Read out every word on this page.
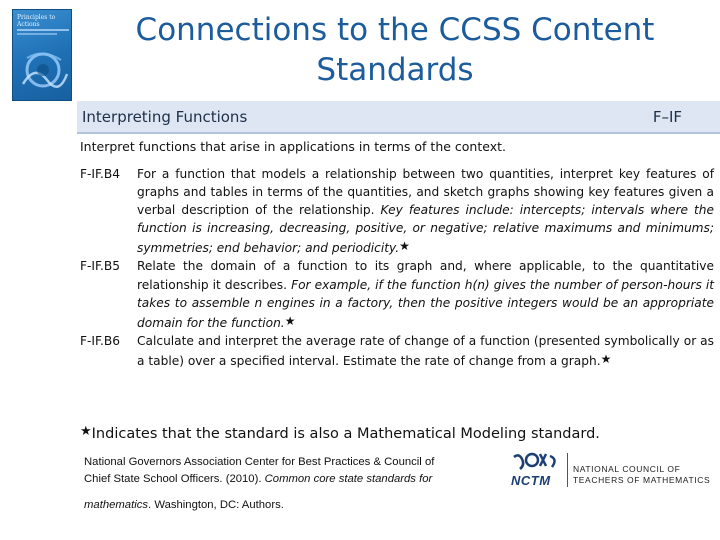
Principles to Actions	Connections to the CCSS Content Standards
Interpreting Functions	F–IF
Interpret functions that arise in applications in terms of the context.
F-IF.B4 For a function that models a relationship between two quantities, interpret key features of graphs and tables in terms of the quantities, and sketch graphs showing key features given a verbal description of the relationship. Key features include: intercepts; intervals where the function is increasing, decreasing, positive, or negative; relative maximums and minimums; symmetries; end behavior; and periodicity.★
F-IF.B5 Relate the domain of a function to its graph and, where applicable, to the quantitative relationship it describes. For example, if the function h(n) gives the number of person-hours it takes to assemble n engines in a factory, then the positive integers would be an appropriate domain for the function.★
F-IF.B6 Calculate and interpret the average rate of change of a function (presented symbolically or as a table) over a specified interval. Estimate the rate of change from a graph.★
★Indicates that the standard is also a Mathematical Modeling standard.
National Governors Association Center for Best Practices & Council of

Chief State School Officers. (2010). Common core state standards for
mathematics. Washington, DC: Authors.
NCTM
NATIONAL COUNCIL OF TEACHERS OF MATHEMATICS
